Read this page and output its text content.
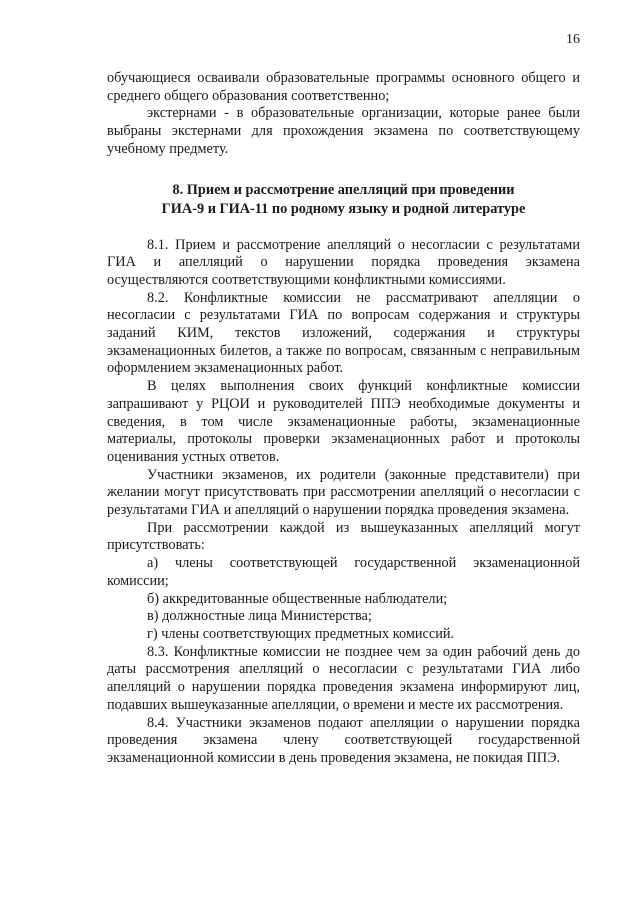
16

обучающиеся осваивали образовательные программы основного общего и среднего общего образования соответственно;

экстернами - в образовательные организации, которые ранее были выбраны экстернами для прохождения экзамена по соответствующему учебному предмету.

8. Прием и рассмотрение апелляций при проведении
ГИА-9 и ГИА-11 по родному языку и родной литературе

8.1. Прием и рассмотрение апелляций о несогласии с результатами ГИА и апелляций о нарушении порядка проведения экзамена осуществляются соответствующими конфликтными комиссиями.

8.2. Конфликтные комиссии не рассматривают апелляции о несогласии с результатами ГИА по вопросам содержания и структуры заданий КИМ, текстов изложений, содержания и структуры экзаменационных билетов, а также по вопросам, связанным с неправильным оформлением экзаменационных работ.

В целях выполнения своих функций конфликтные комиссии запрашивают у РЦОИ и руководителей ППЭ необходимые документы и сведения, в том числе экзаменационные работы, экзаменационные материалы, протоколы проверки экзаменационных работ и протоколы оценивания устных ответов.

Участники экзаменов, их родители (законные представители) при желании могут присутствовать при рассмотрении апелляций о несогласии с результатами ГИА и апелляций о нарушении порядка проведения экзамена.

При рассмотрении каждой из вышеуказанных апелляций могут присутствовать:

а) члены соответствующей государственной экзаменационной комиссии;

б) аккредитованные общественные наблюдатели;

в) должностные лица Министерства;

г) члены соответствующих предметных комиссий.

8.3. Конфликтные комиссии не позднее чем за один рабочий день до даты рассмотрения апелляций о несогласии с результатами ГИА либо апелляций о нарушении порядка проведения экзамена информируют лиц, подавших вышеуказанные апелляции, о времени и месте их рассмотрения.

8.4. Участники экзаменов подают апелляции о нарушении порядка проведения экзамена члену соответствующей государственной экзаменационной комиссии в день проведения экзамена, не покидая ППЭ.
